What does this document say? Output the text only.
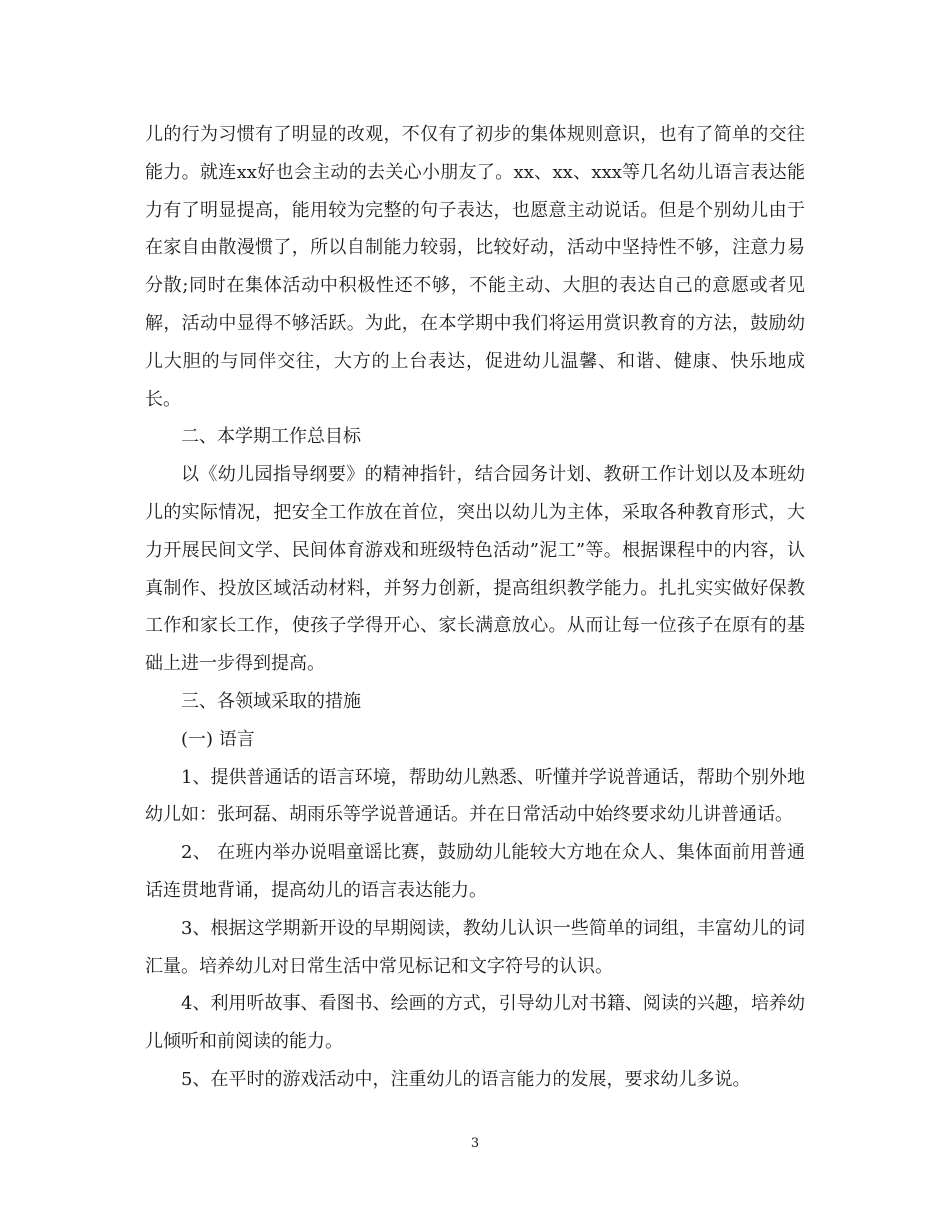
儿的行为习惯有了明显的改观，不仅有了初步的集体规则意识，也有了简单的交往能力。就连xx好也会主动的去关心小朋友了。xx、xx、xxx等几名幼儿语言表达能力有了明显提高，能用较为完整的句子表达，也愿意主动说话。但是个别幼儿由于在家自由散漫惯了，所以自制能力较弱，比较好动，活动中坚持性不够，注意力易分散;同时在集体活动中积极性还不够，不能主动、大胆的表达自己的意愿或者见解，活动中显得不够活跃。为此，在本学期中我们将运用赏识教育的方法，鼓励幼儿大胆的与同伴交往，大方的上台表达，促进幼儿温馨、和谐、健康、快乐地成长。

二、本学期工作总目标

以《幼儿园指导纲要》的精神指针，结合园务计划、教研工作计划以及本班幼儿的实际情况，把安全工作放在首位，突出以幼儿为主体，采取各种教育形式，大力开展民间文学、民间体育游戏和班级特色活动”泥工”等。根据课程中的内容，认真制作、投放区域活动材料，并努力创新，提高组织教学能力。扎扎实实做好保教工作和家长工作，使孩子学得开心、家长满意放心。从而让每一位孩子在原有的基础上进一步得到提高。

三、各领域采取的措施

(一) 语言

1、提供普通话的语言环境，帮助幼儿熟悉、听懂并学说普通话，帮助个别外地幼儿如：张珂磊、胡雨乐等学说普通话。并在日常活动中始终要求幼儿讲普通话。

2、 在班内举办说唱童谣比赛，鼓励幼儿能较大方地在众人、集体面前用普通话连贯地背诵，提高幼儿的语言表达能力。

3、根据这学期新开设的早期阅读，教幼儿认识一些简单的词组，丰富幼儿的词汇量。培养幼儿对日常生活中常见标记和文字符号的认识。

4、利用听故事、看图书、绘画的方式，引导幼儿对书籍、阅读的兴趣，培养幼儿倾听和前阅读的能力。

5、在平时的游戏活动中，注重幼儿的语言能力的发展，要求幼儿多说。

3
